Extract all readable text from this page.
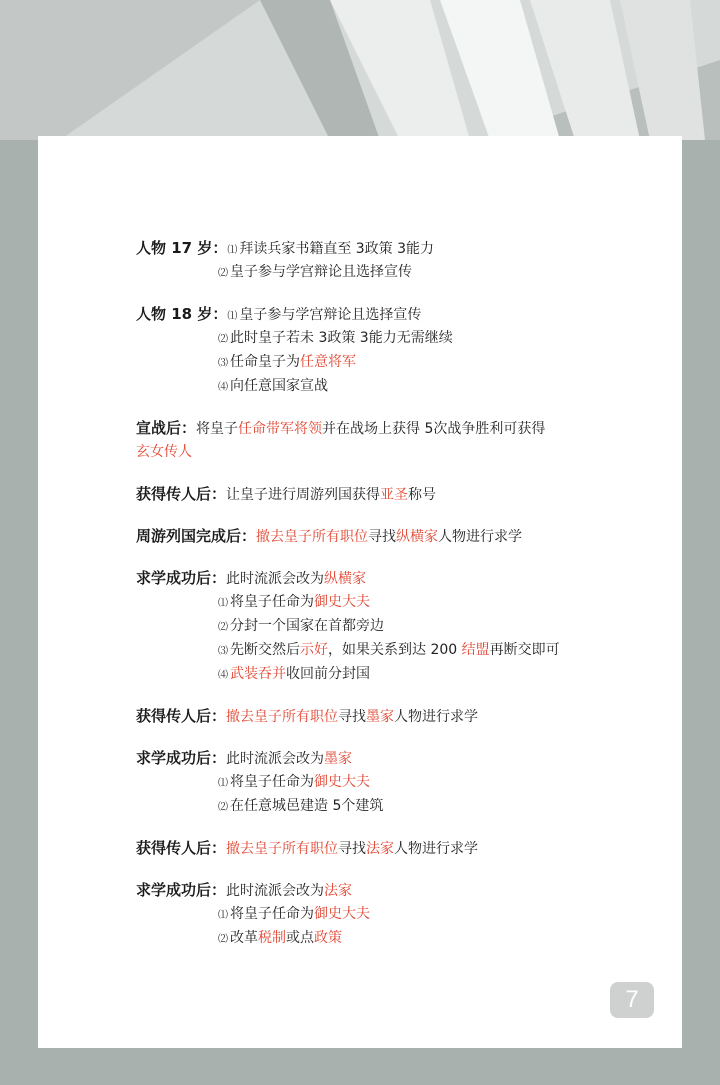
人物 17 岁：⑴ 拜读兵家书籍直至 3政策 3能力
⑵ 皇子参与学宫辩论且选择宣传
人物 18 岁：⑴ 皇子参与学宫辩论且选择宣传
⑵ 此时皇子若未 3政策 3能力无需继续
⑶ 任命皇子为任意将军
⑷ 向任意国家宣战
宣战后：将皇子任命带军将领并在战场上获得 5次战争胜利可获得
玄女传人
获得传人后：让皇子进行周游列国获得亚圣称号
周游列国完成后：撤去皇子所有职位寻找纵横家人物进行求学
求学成功后：此时流派会改为纵横家
⑴ 将皇子任命为御史大夫
⑵ 分封一个国家在首都旁边
⑶ 先断交然后示好，如果关系到达 200 结盟再断交即可
⑷ 武装吞并收回前分封国
获得传人后：撤去皇子所有职位寻找墨家人物进行求学
求学成功后：此时流派会改为墨家
⑴ 将皇子任命为御史大夫
⑵ 在任意城邑建造 5个建筑
获得传人后：撤去皇子所有职位寻找法家人物进行求学
求学成功后：此时流派会改为法家
⑴ 将皇子任命为御史大夫
⑵ 改革税制或点政策
7
